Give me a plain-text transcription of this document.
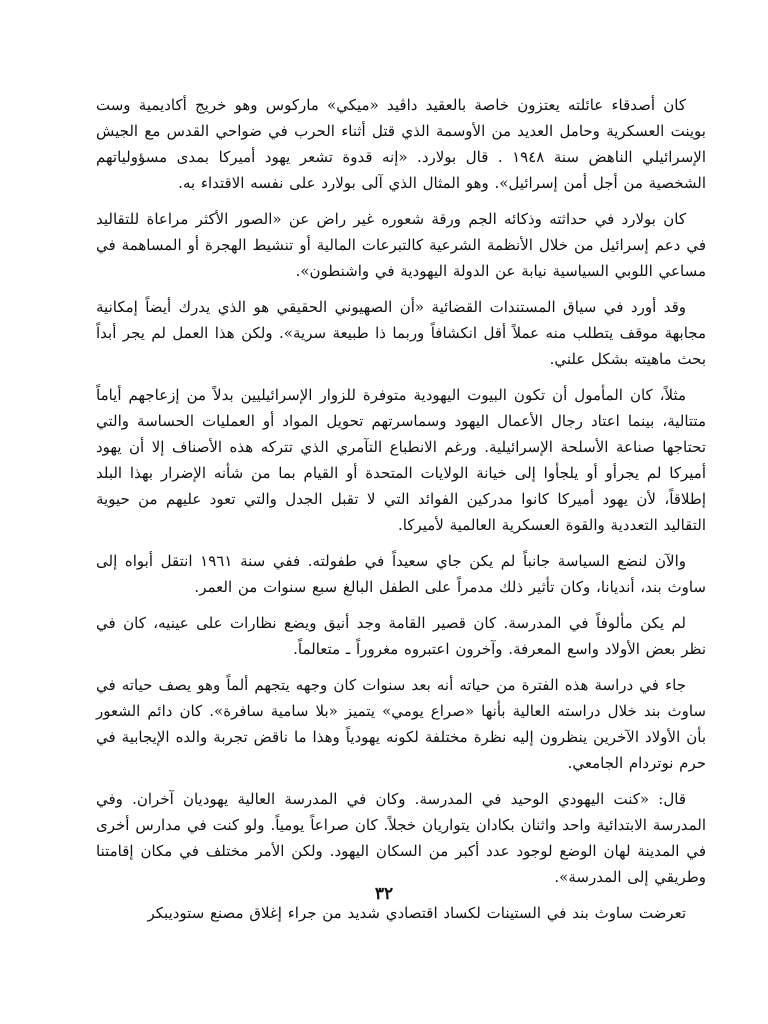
كان أصدقاء عائلته يعتزون خاصة بالعقيد داڤيد «ميكي» ماركوس وهو خريج أكاديمية وست بوينت العسكرية وحامل العديد من الأوسمة الذي قتل أثناء الحرب في ضواحي القدس مع الجيش الإسرائيلي الناهض سنة ١٩٤٨ . قال بولارد. «إنه قدوة تشعر يهود أميركا بمدى مسؤولياتهم الشخصية من أجل أمن إسرائيل». وهو المثال الذي آلى بولارد على نفسه الاقتداء به.

كان بولارد في حداثته وذكائه الجم ورقة شعوره غير راض عن «الصور الأكثر مراعاة للتقاليد في دعم إسرائيل من خلال الأنظمة الشرعية كالتبرعات المالية أو تنشيط الهجرة أو المساهمة في مساعي اللوبي السياسية نيابة عن الدولة اليهودية في واشنطون».

وقد أورد في سياق المستندات القضائية «أن الصهيوني الحقيقي هو الذي يدرك أيضاً إمكانية مجابهة موقف يتطلب منه عملاً أقل انكشافاً وربما ذا طبيعة سرية». ولكن هذا العمل لم يجر أبداً بحث ماهيته بشكل علني.

مثلاً، كان المأمول أن تكون البيوت اليهودية متوفرة للزوار الإسرائيليين بدلاً من إزعاجهم أياماً متتالية، بينما اعتاد رجال الأعمال اليهود وسماسرتهم تحويل المواد أو العمليات الحساسة والتي تحتاجها صناعة الأسلحة الإسرائيلية. ورغم الانطباع التآمري الذي تتركه هذه الأصناف إلا أن يهود أميركا لم يجرأو أو يلجأوا إلى خيانة الولايات المتحدة أو القيام بما من شأنه الإضرار بهذا البلد إطلاقاً، لأن يهود أميركا كانوا مدركين الفوائد التي لا تقبل الجدل والتي تعود عليهم من حيوية التقاليد التعددية والقوة العسكرية العالمية لأميركا.

والآن لنضع السياسة جانباً لم يكن جاي سعيداً في طفولته. ففي سنة ١٩٦١ انتقل أبواه إلى ساوث بند، أنديانا، وكان تأثير ذلك مدمراً على الطفل البالغ سبع سنوات من العمر.

لم يكن مألوفاً في المدرسة. كان قصير القامة وجد أنيق ويضع نظارات على عينيه، كان في نظر بعض الأولاد واسع المعرفة. وآخرون اعتبروه مغروراً ـ متعالماً.

جاء في دراسة هذه الفترة من حياته أنه بعد سنوات كان وجهه يتجهم ألماً وهو يصف حياته في ساوث بند خلال دراسته العالية بأنها «صراع يومي» يتميز «بلا سامية سافرة». كان دائم الشعور بأن الأولاد الآخرين ينظرون إليه نظرة مختلفة لكونه يهودياً وهذا ما ناقض تجربة والده الإيجابية في حرم نوتردام الجامعي.

قال: «كنت اليهودي الوحيد في المدرسة. وكان في المدرسة العالية يهوديان آخران. وفي المدرسة الابتدائية واحد واثنان بكادان يتواريان خجلاً. كان صراعاً يومياً. ولو كنت في مدارس أخرى في المدينة لهان الوضع لوجود عدد أكبر من السكان اليهود. ولكن الأمر مختلف في مكان إقامتنا وطريقي إلى المدرسة».

تعرضت ساوث بند في الستينات لكساد اقتصادي شديد من جراء إغلاق مصنع ستوديبكر

٣٢
